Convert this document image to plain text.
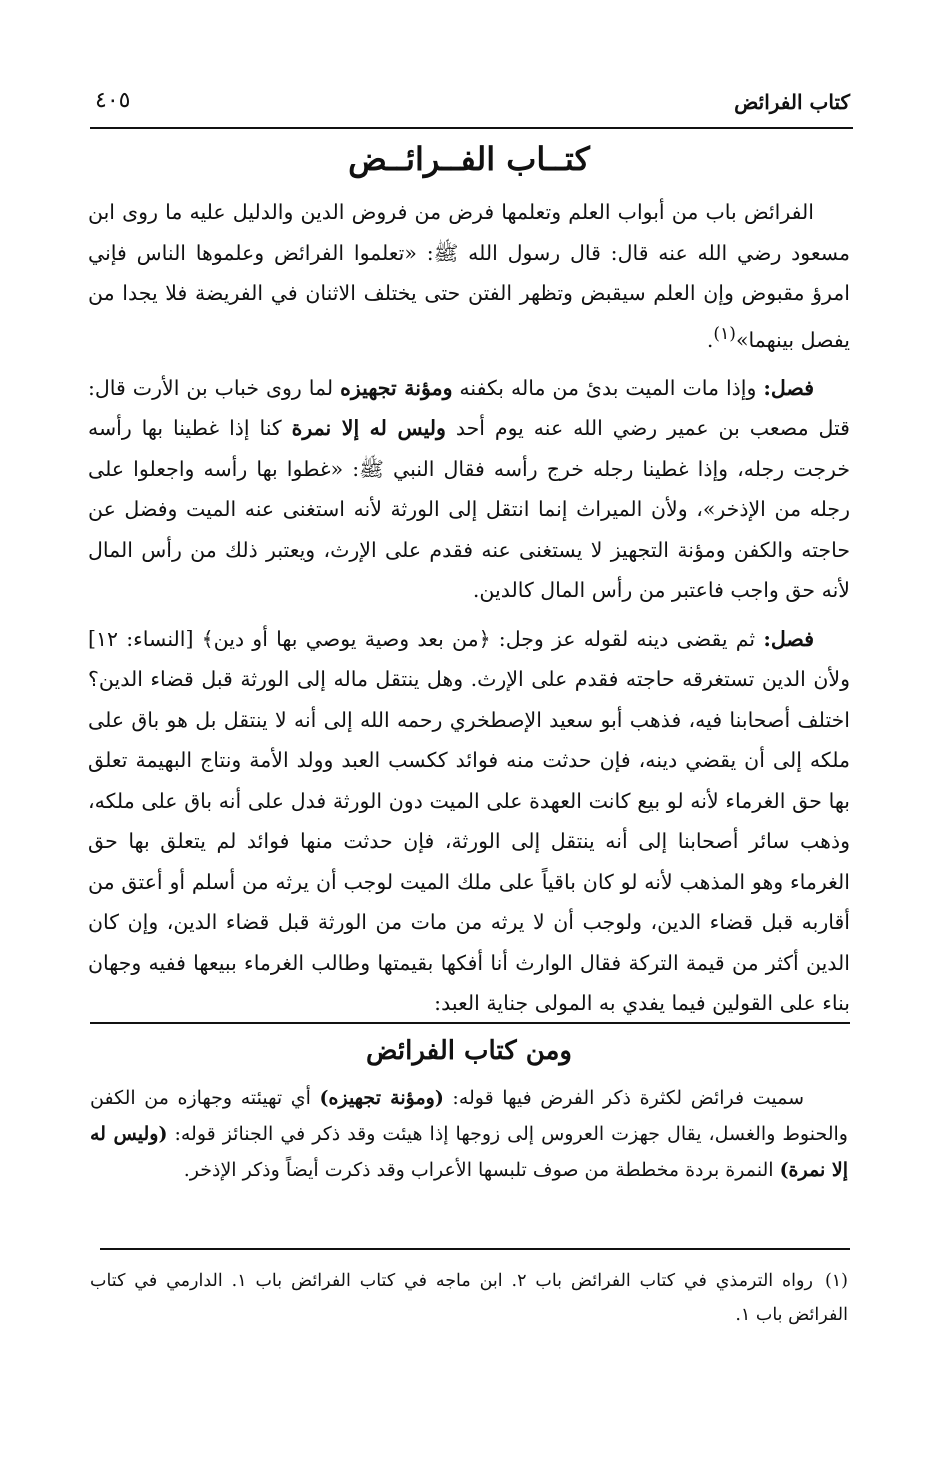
كتاب الفرائض
٤٠٥
كتــاب الفــرائــض

الفرائض باب من أبواب العلم وتعلمها فرض من فروض الدين والدليل عليه ما روى ابن مسعود رضي الله عنه قال: قال رسول الله ﷺ: «تعلموا الفرائض وعلموها الناس فإني امرؤ مقبوض وإن العلم سيقبض وتظهر الفتن حتى يختلف الاثنان في الفريضة فلا يجدا من يفصل بينهما»$^{(١)}$.

فصل: وإذا مات الميت بدئ من ماله بكفنه ومؤنة تجهيزه لما روى خباب بن الأرت قال: قتل مصعب بن عمير رضي الله عنه يوم أحد وليس له إلا نمرة كنا إذا غطينا بها رأسه خرجت رجله، وإذا غطينا رجله خرج رأسه فقال النبي ﷺ: «غطوا بها رأسه واجعلوا على رجله من الإذخر»، ولأن الميراث إنما انتقل إلى الورثة لأنه استغنى عنه الميت وفضل عن حاجته والكفن ومؤنة التجهيز لا يستغنى عنه فقدم على الإرث، ويعتبر ذلك من رأس المال لأنه حق واجب فاعتبر من رأس المال كالدين.

فصل: ثم يقضى دينه لقوله عز وجل: ﴿من بعد وصية يوصي بها أو دين﴾ [النساء: ١٢] ولأن الدين تستغرقه حاجته فقدم على الإرث. وهل ينتقل ماله إلى الورثة قبل قضاء الدين؟ اختلف أصحابنا فيه، فذهب أبو سعيد الإصطخري رحمه الله إلى أنه لا ينتقل بل هو باق على ملكه إلى أن يقضي دينه، فإن حدثت منه فوائد ككسب العبد وولد الأمة ونتاج البهيمة تعلق بها حق الغرماء لأنه لو بيع كانت العهدة على الميت دون الورثة فدل على أنه باق على ملكه، وذهب سائر أصحابنا إلى أنه ينتقل إلى الورثة، فإن حدثت منها فوائد لم يتعلق بها حق الغرماء وهو المذهب لأنه لو كان باقياً على ملك الميت لوجب أن يرثه من أسلم أو أعتق من أقاربه قبل قضاء الدين، ولوجب أن لا يرثه من مات من الورثة قبل قضاء الدين، وإن كان الدين أكثر من قيمة التركة فقال الوارث أنا أفكها بقيمتها وطالب الغرماء ببيعها ففيه وجهان بناء على القولين فيما يفدي به المولى جناية العبد:

ومن كتاب الفرائض

سميت فرائض لكثرة ذكر الفرض فيها قوله: (ومؤنة تجهيزه) أي تهيئته وجهازه من الكفن والحنوط والغسل، يقال جهزت العروس إلى زوجها إذا هيئت وقد ذكر في الجنائز قوله: (وليس له إلا نمرة) النمرة بردة مخططة من صوف تلبسها الأعراب وقد ذكرت أيضاً وذكر الإذخر.

(١)رواه الترمذي في كتاب الفرائض باب ٢. ابن ماجه في كتاب الفرائض باب ١. الدارمي في كتاب الفرائض باب ١.
